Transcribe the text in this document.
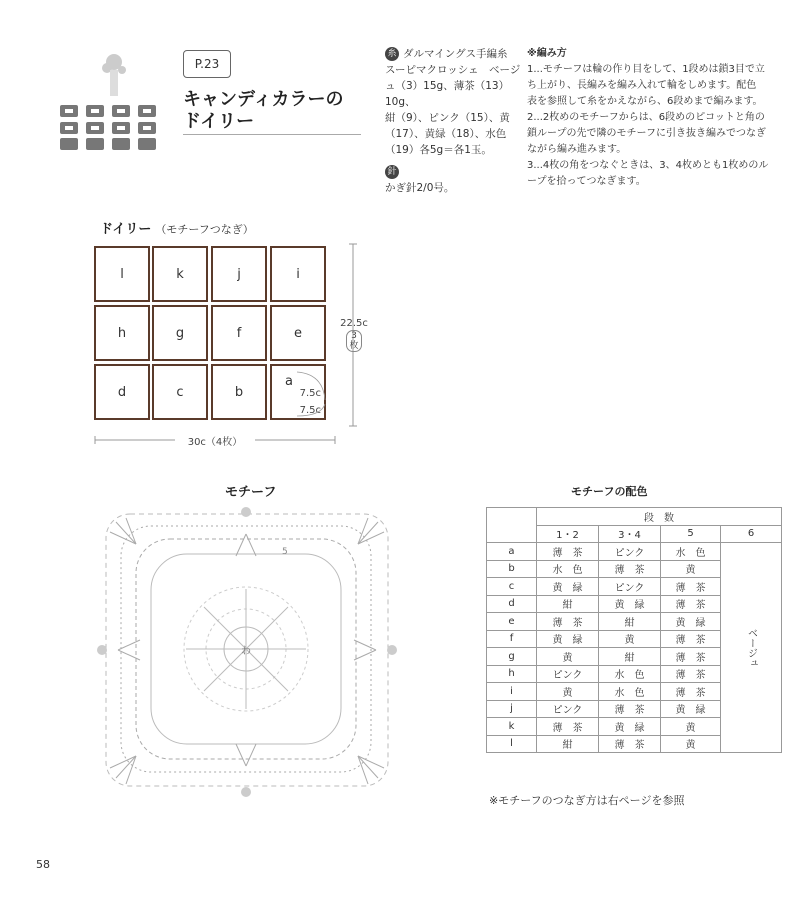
P.23
キャンディカラーの
ドイリー
糸 ダルマイングス手編糸
スーピマクロッシェ　ベージ
ュ（3）15g、薄茶（13）10g、
紺（9）、ピンク（15）、黄
（17）、黄緑（18）、水色
（19）各5g＝各1玉。
針
かぎ針2/0号。
※編み方
1...モチーフは輪の作り目をして、1段めは鎖3目で立
ち上がり、長編みを編み入れて輪をしめます。配色
表を参照して糸をかえながら、6段めまで編みます。
2...2枚めのモチーフからは、6段めのピコットと角の
鎖ループの先で隣のモチーフに引き抜き編みでつなぎ
ながら編み進みます。
3...4枚の角をつなぐときは、3、4枚めとも1枚めのル
ープを拾ってつなぎます。
ドイリー （モチーフつなぎ）
l	k	j	i
h	g	f	e
d	c	b
a
7.5c
7.5c
22.5c
3
枚
30c（4枚）
モチーフ
5
わ
モチーフの配色
	段　数			
	1・2	3・4	5	6
a	薄　茶	ピンク	水　色	ベージュ

b	水　色	薄　茶	黄	
c	黄　緑	ピンク	薄　茶	
d	紺	黄　緑	薄　茶	
e	薄　茶	紺	黄　緑	
f	黄　緑	黄	薄　茶	
g	黄	紺	薄　茶	
h	ピンク	水　色	薄　茶	
i	黄	水　色	薄　茶	
j	ピンク	薄　茶	黄　緑	
k	薄　茶	黄　緑	黄	
l	紺	薄　茶	黄	
※モチーフのつなぎ方は右ページを参照
58
